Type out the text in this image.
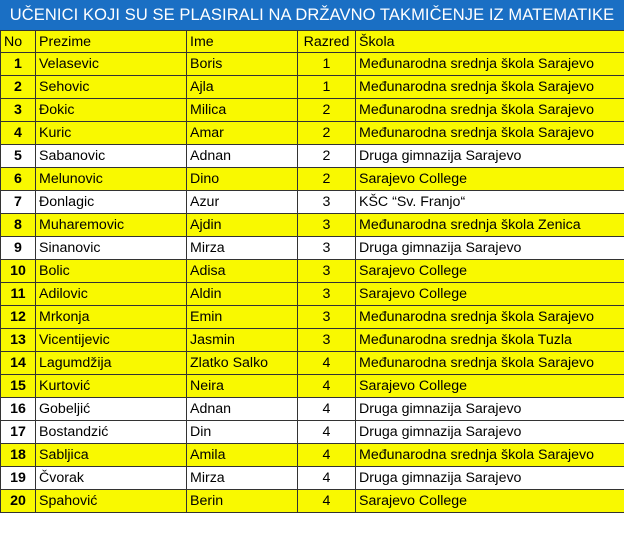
UČENICI KOJI SU SE PLASIRALI NA DRŽAVNO TAKMIČENJE IZ MATEMATIKE
No	Prezime	Ime	Razred	Škola
1	Velasevic	Boris	1	Međunarodna srednja škola Sarajevo
2	Sehovic	Ajla	1	Međunarodna srednja škola Sarajevo
3	Đokic	Milica	2	Međunarodna srednja škola Sarajevo
4	Kuric	Amar	2	Međunarodna srednja škola Sarajevo
5	Sabanovic	Adnan	2	Druga gimnazija Sarajevo
6	Melunovic	Dino	2	Sarajevo College
7	Đonlagic	Azur	3	KŠC “Sv. Franjo“
8	Muharemovic	Ajdin	3	Međunarodna srednja škola Zenica
9	Sinanovic	Mirza	3	Druga gimnazija Sarajevo
10	Bolic	Adisa	3	Sarajevo College
11	Adilovic	Aldin	3	Sarajevo College
12	Mrkonja	Emin	3	Međunarodna srednja škola Sarajevo
13	Vicentijevic	Jasmin	3	Međunarodna srednja škola Tuzla
14	Lagumdžija	Zlatko Salko	4	Međunarodna srednja škola Sarajevo
15	Kurtović	Neira	4	Sarajevo College
16	Gobeljić	Adnan	4	Druga gimnazija Sarajevo
17	Bostandzić	Din	4	Druga gimnazija Sarajevo
18	Sabljica	Amila	4	Međunarodna srednja škola Sarajevo
19	Čvorak	Mirza	4	Druga gimnazija Sarajevo
20	Spahović	Berin	4	Sarajevo College
